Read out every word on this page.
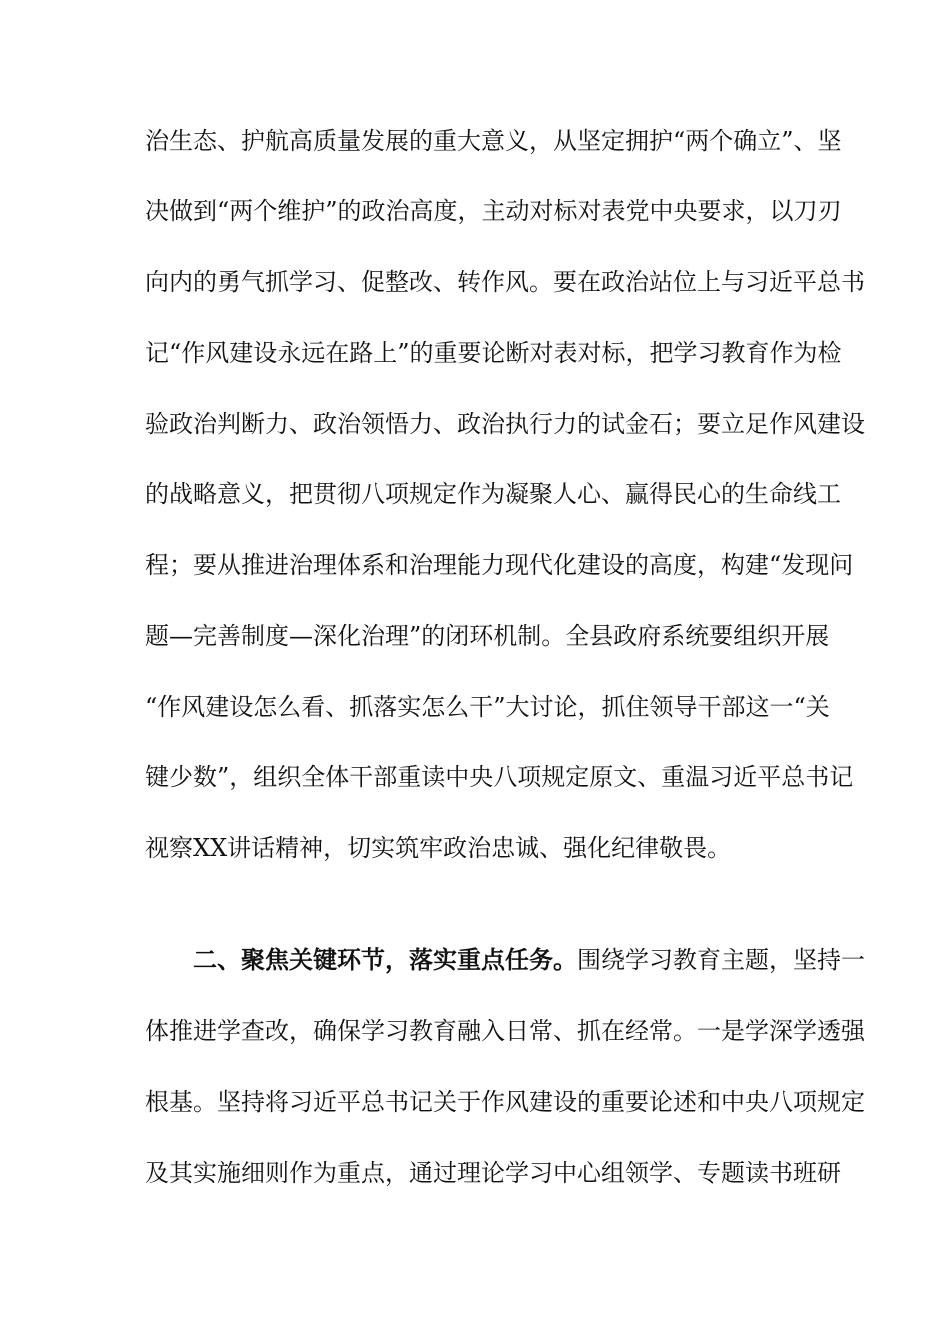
治生态、护航高质量发展的重大意义，从坚定拥护“两个确立”、坚
决做到“两个维护”的政治高度，主动对标对表党中央要求，以刀刃
向内的勇气抓学习、促整改、转作风。要在政治站位上与习近平总书
记“作风建设永远在路上”的重要论断对表对标，把学习教育作为检
验政治判断力、政治领悟力、政治执行力的试金石；要立足作风建设
的战略意义，把贯彻八项规定作为凝聚人心、赢得民心的生命线工
程；要从推进治理体系和治理能力现代化建设的高度，构建“发现问
题—完善制度—深化治理”的闭环机制。全县政府系统要组织开展
“作风建设怎么看、抓落实怎么干”大讨论，抓住领导干部这一“关
键少数”，组织全体干部重读中央八项规定原文、重温习近平总书记
视察XX讲话精神，切实筑牢政治忠诚、强化纪律敬畏。
二、聚焦关键环节，落实重点任务。围绕学习教育主题，坚持一
体推进学查改，确保学习教育融入日常、抓在经常。一是学深学透强
根基。坚持将习近平总书记关于作风建设的重要论述和中央八项规定
及其实施细则作为重点，通过理论学习中心组领学、专题读书班研
